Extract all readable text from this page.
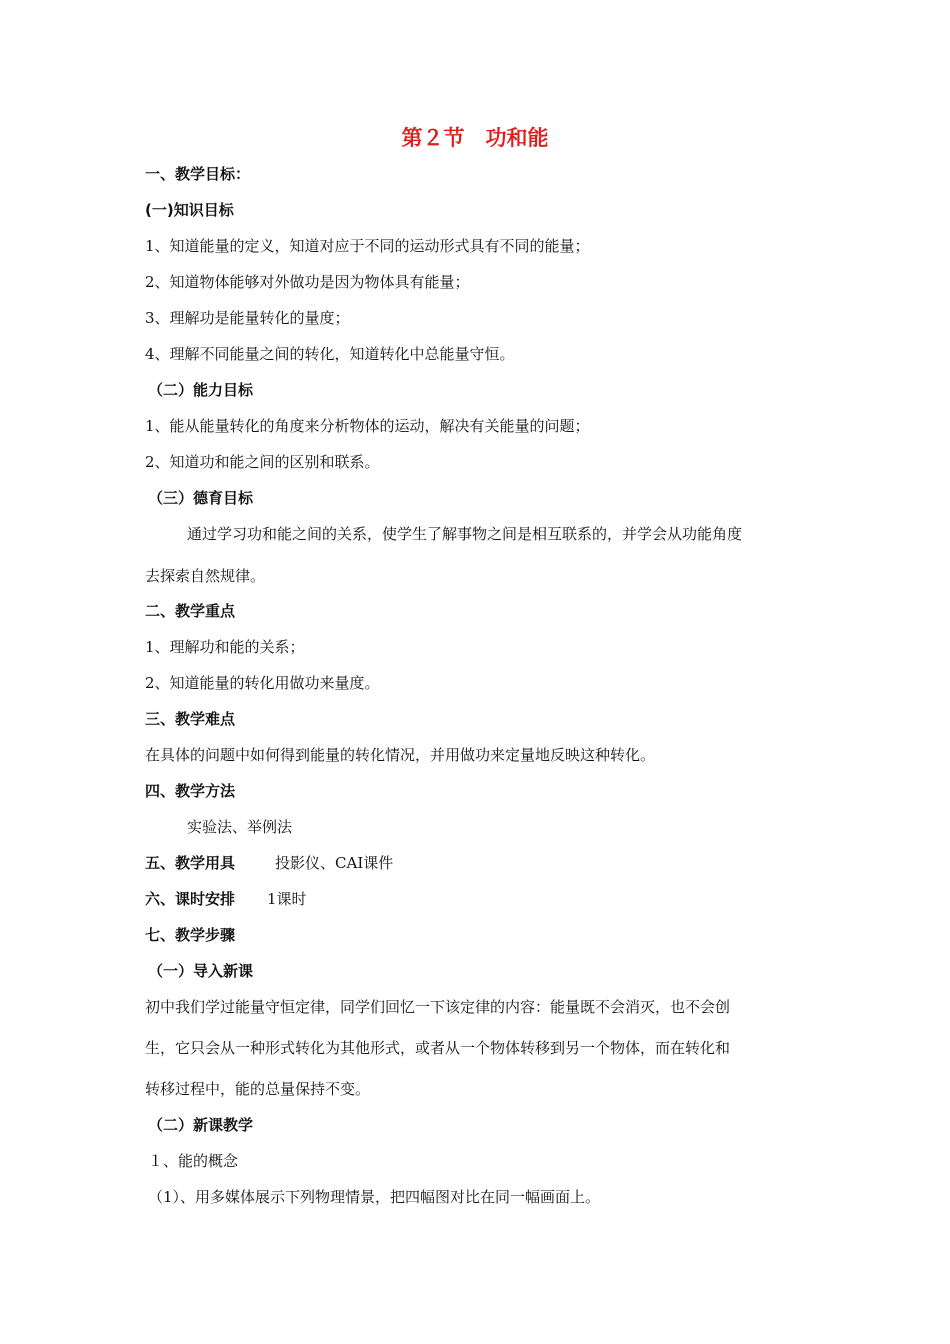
第２节　功和能
一、教学目标：
(一)知识目标
1、知道能量的定义，知道对应于不同的运动形式具有不同的能量；
2、知道物体能够对外做功是因为物体具有能量；
3、理解功是能量转化的量度；
4、理解不同能量之间的转化，知道转化中总能量守恒。
（二）能力目标
1、能从能量转化的角度来分析物体的运动，解决有关能量的问题；
2、知道功和能之间的区别和联系。
（三）德育目标
通过学习功和能之间的关系，使学生了解事物之间是相互联系的，并学会从功能角度
去探索自然规律。
二、教学重点
1、理解功和能的关系；
2、知道能量的转化用做功来量度。
三、教学难点
在具体的问题中如何得到能量的转化情况，并用做功来定量地反映这种转化。
四、教学方法
实验法、举例法
五、教学用具	投影仪、CAI课件
六、课时安排 1课时
七、教学步骤
（一）导入新课
初中我们学过能量守恒定律，同学们回忆一下该定律的内容：能量既不会消灭，也不会创
生，它只会从一种形式转化为其他形式，或者从一个物体转移到另一个物体，而在转化和
转移过程中，能的总量保持不变。
（二）新课教学
１、能的概念
（1）、用多媒体展示下列物理情景，把四幅图对比在同一幅画面上。
